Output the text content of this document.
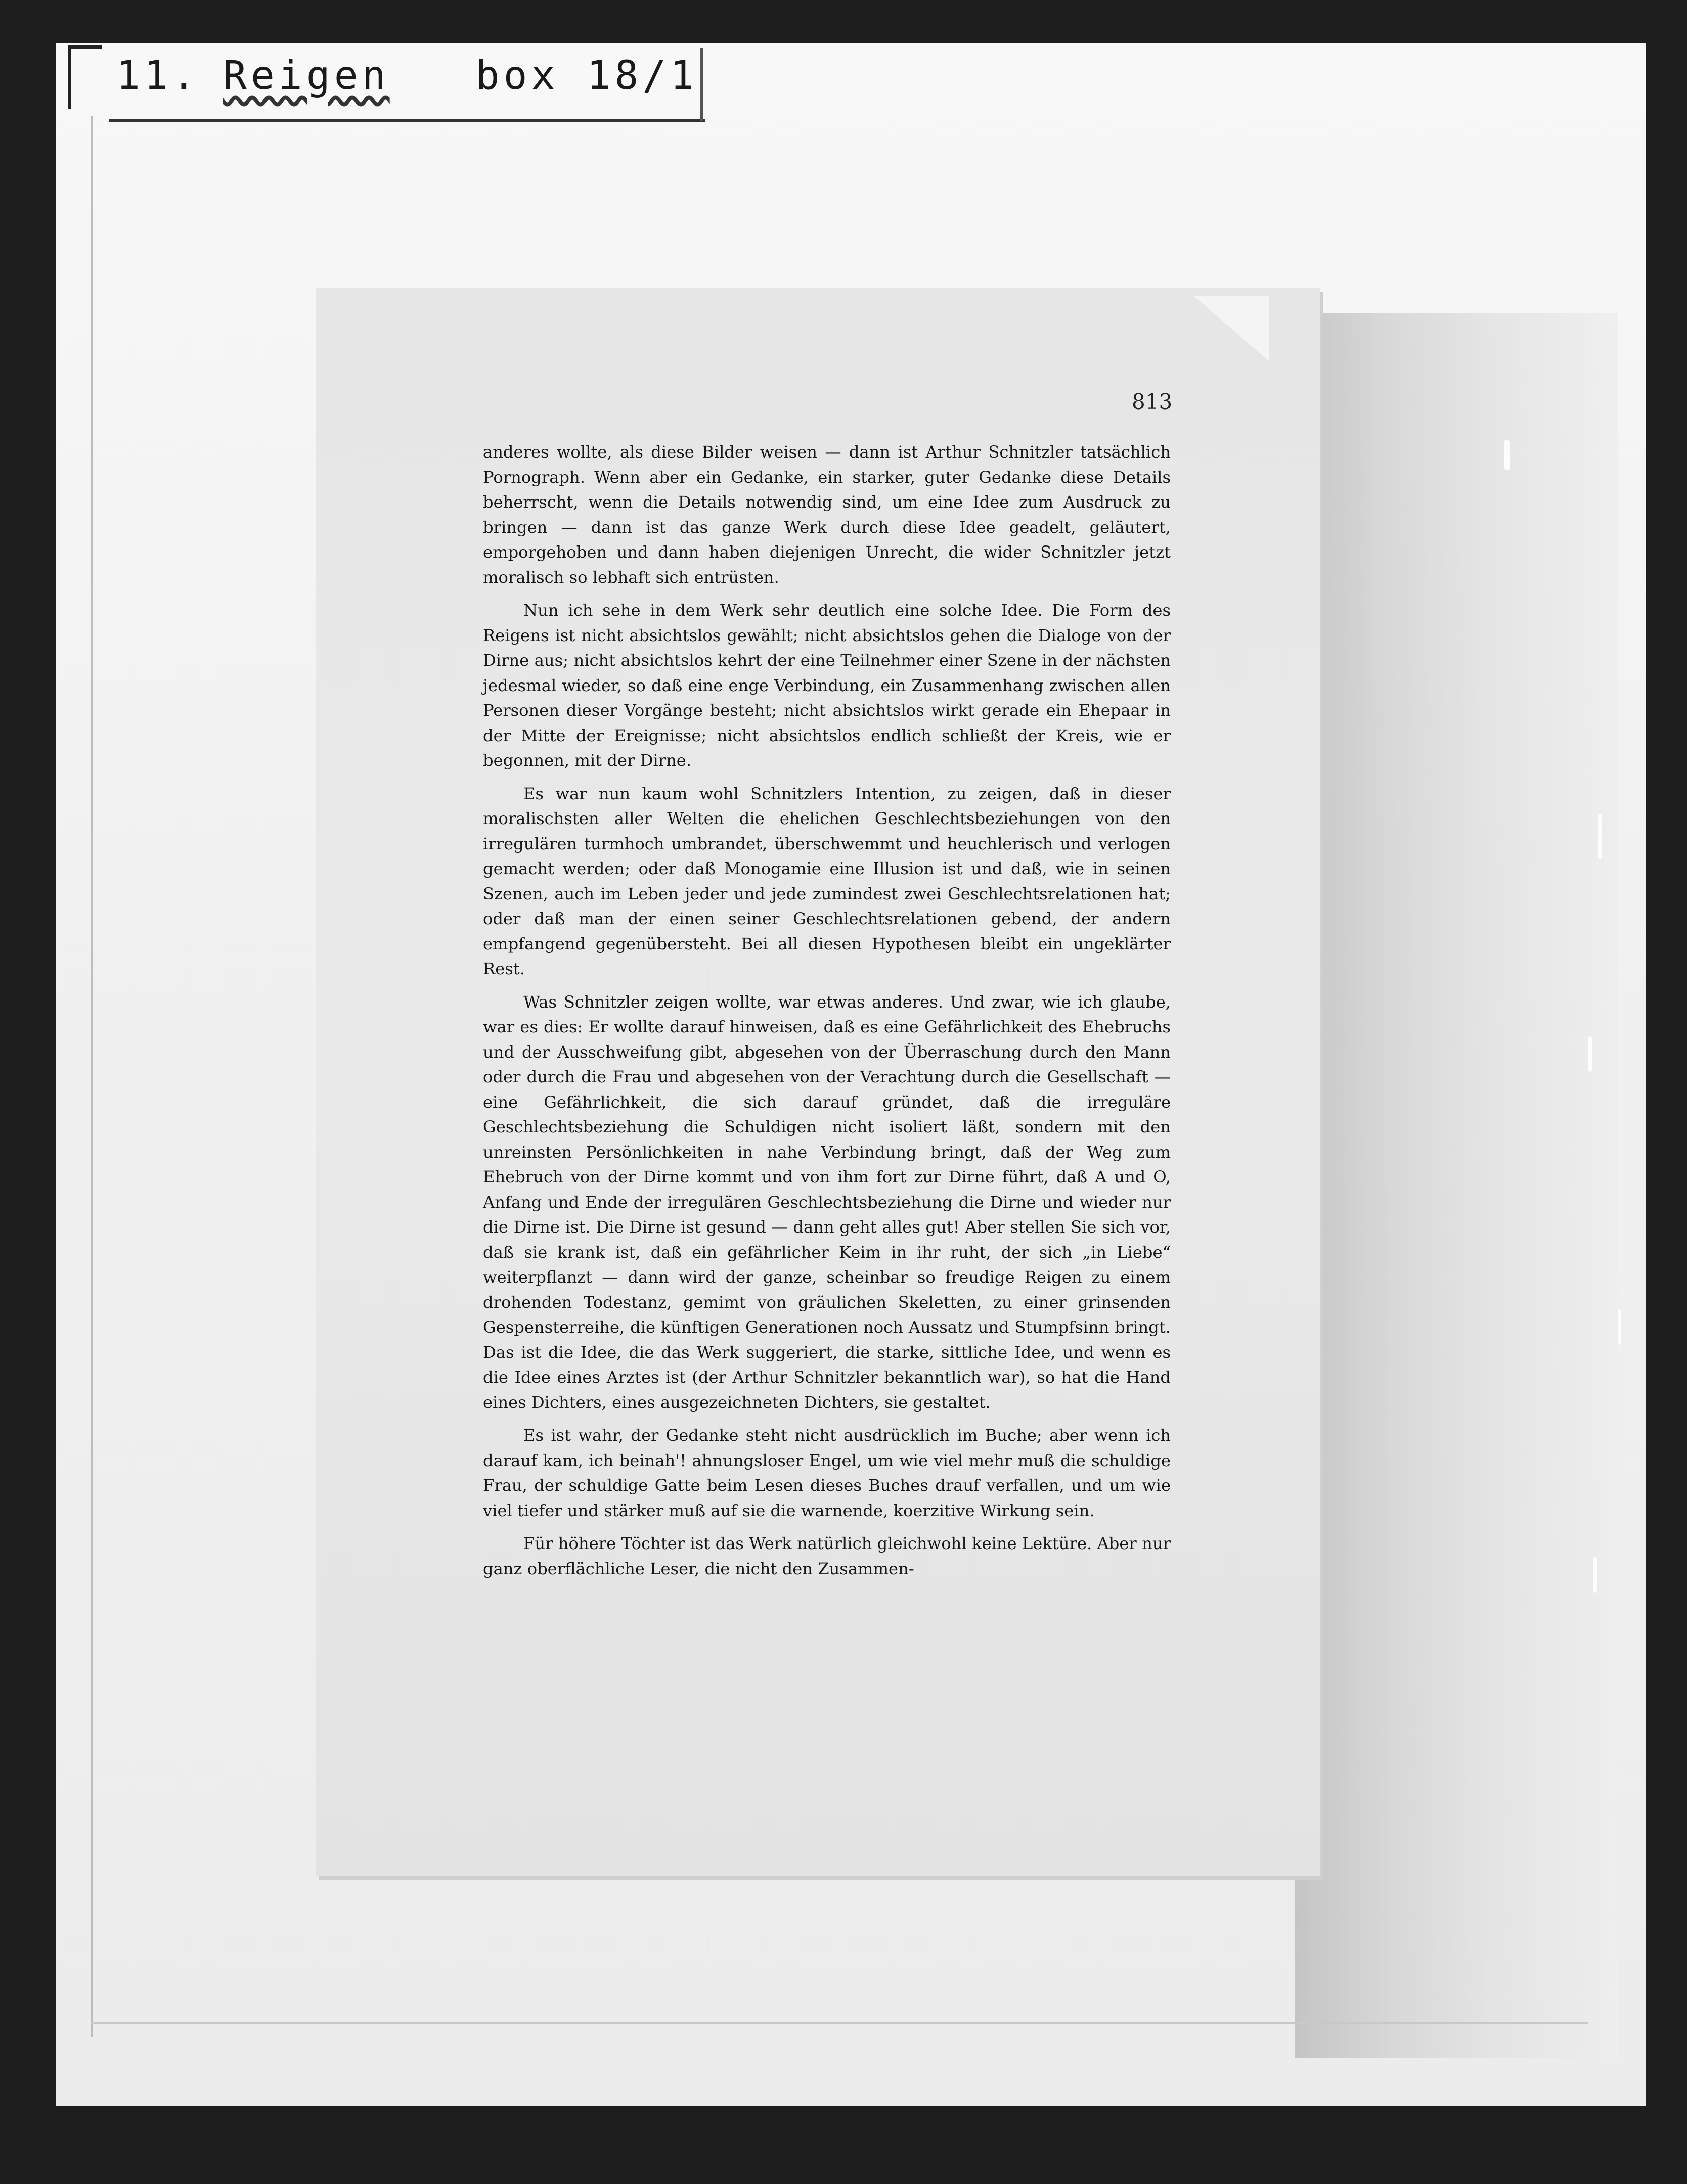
11. Reigen box 18/1
813

anderes wollte, als diese Bilder weisen — dann ist Arthur Schnitzler tatsächlich Pornograph. Wenn aber ein Gedanke, ein starker, guter Gedanke diese Details beherrscht, wenn die Details notwendig sind, um eine Idee zum Ausdruck zu bringen — dann ist das ganze Werk durch diese Idee geadelt, geläutert, emporgehoben und dann haben diejenigen Unrecht, die wider Schnitzler jetzt moralisch so lebhaft sich entrüsten.

Nun ich sehe in dem Werk sehr deutlich eine solche Idee. Die Form des Reigens ist nicht absichtslos gewählt; nicht absichtslos gehen die Dialoge von der Dirne aus; nicht absichtslos kehrt der eine Teilnehmer einer Szene in der nächsten jedesmal wieder, so daß eine enge Verbindung, ein Zusammenhang zwischen allen Personen dieser Vorgänge besteht; nicht absichtslos wirkt gerade ein Ehepaar in der Mitte der Ereignisse; nicht absichtslos endlich schließt der Kreis, wie er begonnen, mit der Dirne.

Es war nun kaum wohl Schnitzlers Intention, zu zeigen, daß in dieser moralischsten aller Welten die ehelichen Geschlechtsbeziehungen von den irregulären turmhoch umbrandet, überschwemmt und heuchlerisch und verlogen gemacht werden; oder daß Monogamie eine Illusion ist und daß, wie in seinen Szenen, auch im Leben jeder und jede zumindest zwei Geschlechtsrelationen hat; oder daß man der einen seiner Geschlechtsrelationen gebend, der andern empfangend gegenübersteht. Bei all diesen Hypothesen bleibt ein ungeklärter Rest.

Was Schnitzler zeigen wollte, war etwas anderes. Und zwar, wie ich glaube, war es dies: Er wollte darauf hinweisen, daß es eine Gefährlichkeit des Ehebruchs und der Ausschweifung gibt, abgesehen von der Überraschung durch den Mann oder durch die Frau und abgesehen von der Verachtung durch die Gesellschaft — eine Gefährlichkeit, die sich darauf gründet, daß die irreguläre Geschlechtsbeziehung die Schuldigen nicht isoliert läßt, sondern mit den unreinsten Persönlichkeiten in nahe Verbindung bringt, daß der Weg zum Ehebruch von der Dirne kommt und von ihm fort zur Dirne führt, daß A und O, Anfang und Ende der irregulären Geschlechtsbeziehung die Dirne und wieder nur die Dirne ist. Die Dirne ist gesund — dann geht alles gut! Aber stellen Sie sich vor, daß sie krank ist, daß ein gefährlicher Keim in ihr ruht, der sich „in Liebe“ weiterpflanzt — dann wird der ganze, scheinbar so freudige Reigen zu einem drohenden Todestanz, gemimt von gräulichen Skeletten, zu einer grinsenden Gespensterreihe, die künftigen Generationen noch Aussatz und Stumpfsinn bringt. Das ist die Idee, die das Werk suggeriert, die starke, sittliche Idee, und wenn es die Idee eines Arztes ist (der Arthur Schnitzler bekanntlich war), so hat die Hand eines Dichters, eines ausgezeichneten Dichters, sie gestaltet.

Es ist wahr, der Gedanke steht nicht ausdrücklich im Buche; aber wenn ich darauf kam, ich beinah'! ahnungsloser Engel, um wie viel mehr muß die schuldige Frau, der schuldige Gatte beim Lesen dieses Buches drauf verfallen, und um wie viel tiefer und stärker muß auf sie die warnende, koerzitive Wirkung sein.

Für höhere Töchter ist das Werk natürlich gleichwohl keine Lektüre. Aber nur ganz oberflächliche Leser, die nicht den Zusammen-
